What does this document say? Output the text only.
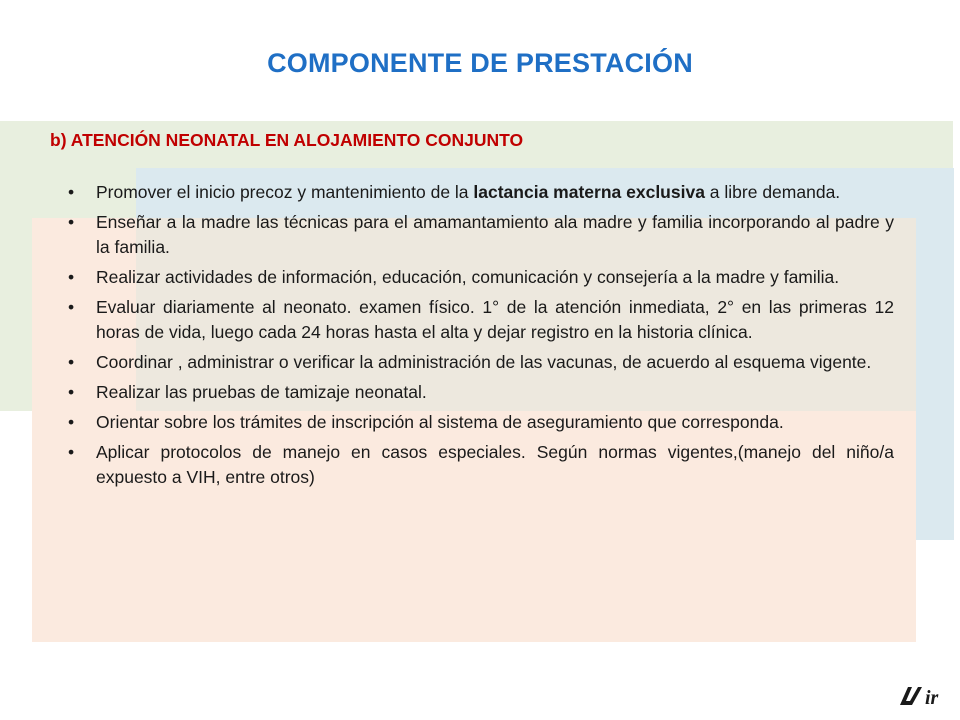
COMPONENTE DE PRESTACIÓN
b) ATENCIÓN NEONATAL EN ALOJAMIENTO CONJUNTO
• Promover el inicio precoz y mantenimiento de la lactancia materna exclusiva a libre demanda.
• Enseñar a la madre las técnicas para el amamantamiento ala madre y familia incorporando al padre y la familia.
• Realizar actividades de información, educación, comunicación y consejería a la madre y familia.
• Evaluar diariamente al neonato. examen físico. 1° de la atención inmediata, 2° en las primeras 12 horas de vida, luego cada 24 horas hasta el alta y dejar registro en la historia clínica.
• Coordinar , administrar o verificar la administración de las vacunas, de acuerdo al esquema vigente.
• Realizar las pruebas de tamizaje neonatal.
• Orientar sobre los trámites de inscripción al sistema de aseguramiento que corresponda.
• Aplicar protocolos de manejo en casos especiales. Según normas vigentes,(manejo del niño/a expuesto a VIH, entre otros)
ir
